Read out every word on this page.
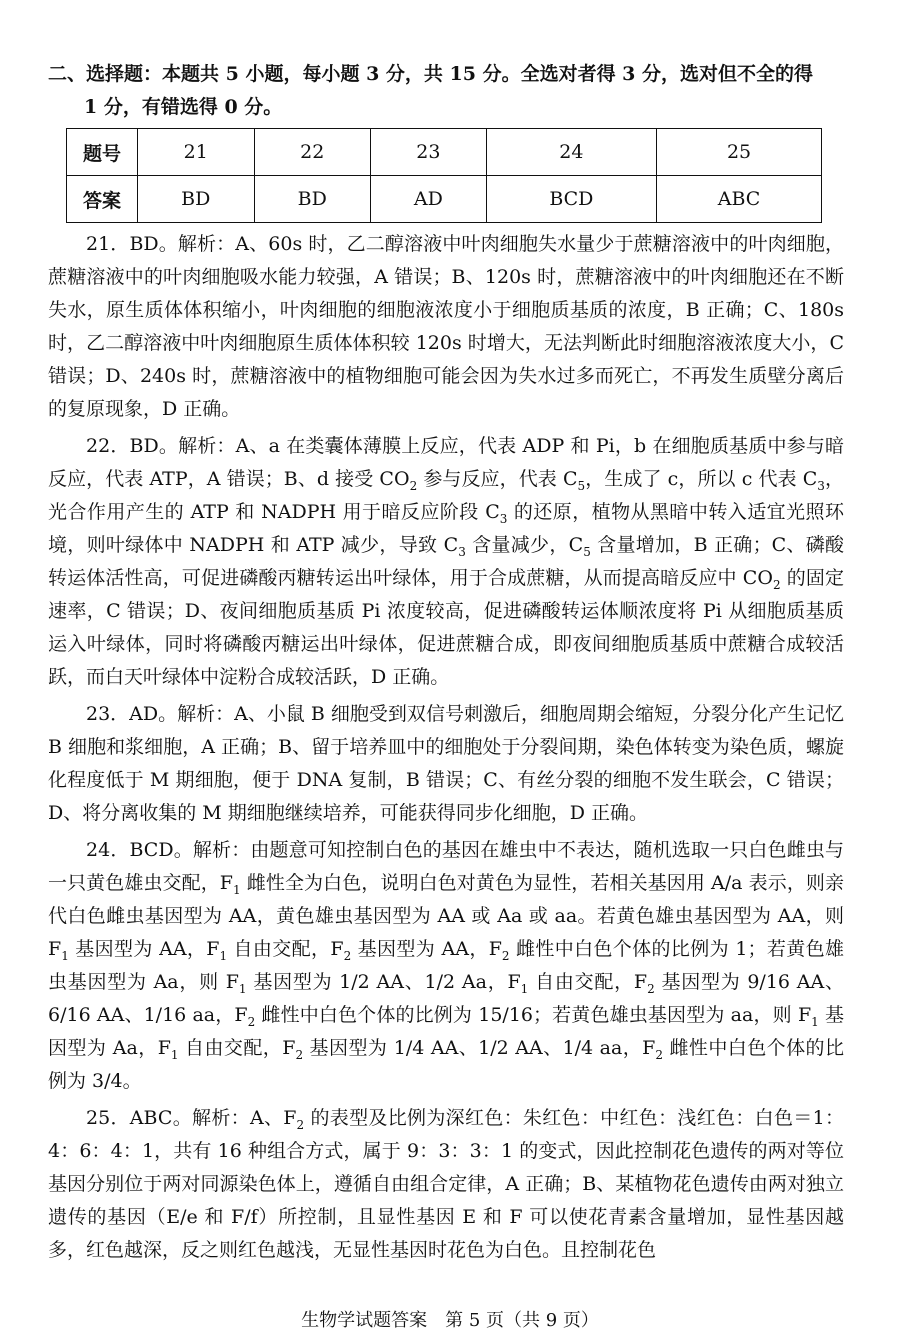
二、选择题：本题共 5 小题，每小题 3 分，共 15 分。全选对者得 3 分，选对但不全的得
1 分，有错选得 0 分。
题号	21	22	23	24	25
答案	BD	BD	AD	BCD	ABC

21．BD。解析：A、60s 时，乙二醇溶液中叶肉细胞失水量少于蔗糖溶液中的叶肉细胞，蔗糖溶液中的叶肉细胞吸水能力较强，A 错误；B、120s 时，蔗糖溶液中的叶肉细胞还在不断失水，原生质体体积缩小，叶肉细胞的细胞液浓度小于细胞质基质的浓度，B 正确；C、180s 时，乙二醇溶液中叶肉细胞原生质体体积较 120s 时增大，无法判断此时细胞溶液浓度大小，C 错误；D、240s 时，蔗糖溶液中的植物细胞可能会因为失水过多而死亡，不再发生质壁分离后的复原现象，D 正确。

22．BD。解析：A、a 在类囊体薄膜上反应，代表 ADP 和 Pi，b 在细胞质基质中参与暗反应，代表 ATP，A 错误；B、d 接受 $CO_2$ 参与反应，代表 $C_5$，生成了 c，所以 c 代表 $C_3$，光合作用产生的 ATP 和 NADPH 用于暗反应阶段 $C_3$ 的还原，植物从黑暗中转入适宜光照环境，则叶绿体中 NADPH 和 ATP 减少，导致 $C_3$ 含量减少，$C_5$ 含量增加，B 正确；C、磷酸转运体活性高，可促进磷酸丙糖转运出叶绿体，用于合成蔗糖，从而提高暗反应中 $CO_2$ 的固定速率，C 错误；D、夜间细胞质基质 Pi 浓度较高，促进磷酸转运体顺浓度将 Pi 从细胞质基质运入叶绿体，同时将磷酸丙糖运出叶绿体，促进蔗糖合成，即夜间细胞质基质中蔗糖合成较活跃，而白天叶绿体中淀粉合成较活跃，D 正确。

23．AD。解析：A、小鼠 B 细胞受到双信号刺激后，细胞周期会缩短，分裂分化产生记忆 B 细胞和浆细胞，A 正确；B、留于培养皿中的细胞处于分裂间期，染色体转变为染色质，螺旋化程度低于 M 期细胞，便于 DNA 复制，B 错误；C、有丝分裂的细胞不发生联会，C 错误；D、将分离收集的 M 期细胞继续培养，可能获得同步化细胞，D 正确。

24．BCD。解析：由题意可知控制白色的基因在雄虫中不表达，随机选取一只白色雌虫与一只黄色雄虫交配，$F_1$ 雌性全为白色，说明白色对黄色为显性，若相关基因用 A/a 表示，则亲代白色雌虫基因型为 AA，黄色雄虫基因型为 AA 或 Aa 或 aa。若黄色雄虫基因型为 AA，则 $F_1$ 基因型为 AA，$F_1$ 自由交配，$F_2$ 基因型为 AA，$F_2$ 雌性中白色个体的比例为 1；若黄色雄虫基因型为 Aa，则 $F_1$ 基因型为 1/2 AA、1/2 Aa，$F_1$ 自由交配，$F_2$ 基因型为 9/16 AA、6/16 AA、1/16 aa，$F_2$ 雌性中白色个体的比例为 15/16；若黄色雄虫基因型为 aa，则 $F_1$ 基因型为 Aa，$F_1$ 自由交配，$F_2$ 基因型为 1/4 AA、1/2 AA、1/4 aa，$F_2$ 雌性中白色个体的比例为 3/4。

25．ABC。解析：A、$F_2$ 的表型及比例为深红色：朱红色：中红色：浅红色：白色＝1：4：6：4：1，共有 16 种组合方式，属于 9：3：3：1 的变式，因此控制花色遗传的两对等位基因分别位于两对同源染色体上，遵循自由组合定律，A 正确；B、某植物花色遗传由两对独立遗传的基因（E/e 和 F/f）所控制，且显性基因 E 和 F 可以使花青素含量增加，显性基因越多，红色越深，反之则红色越浅，无显性基因时花色为白色。且控制花色

生物学试题答案　第 5 页（共 9 页）
